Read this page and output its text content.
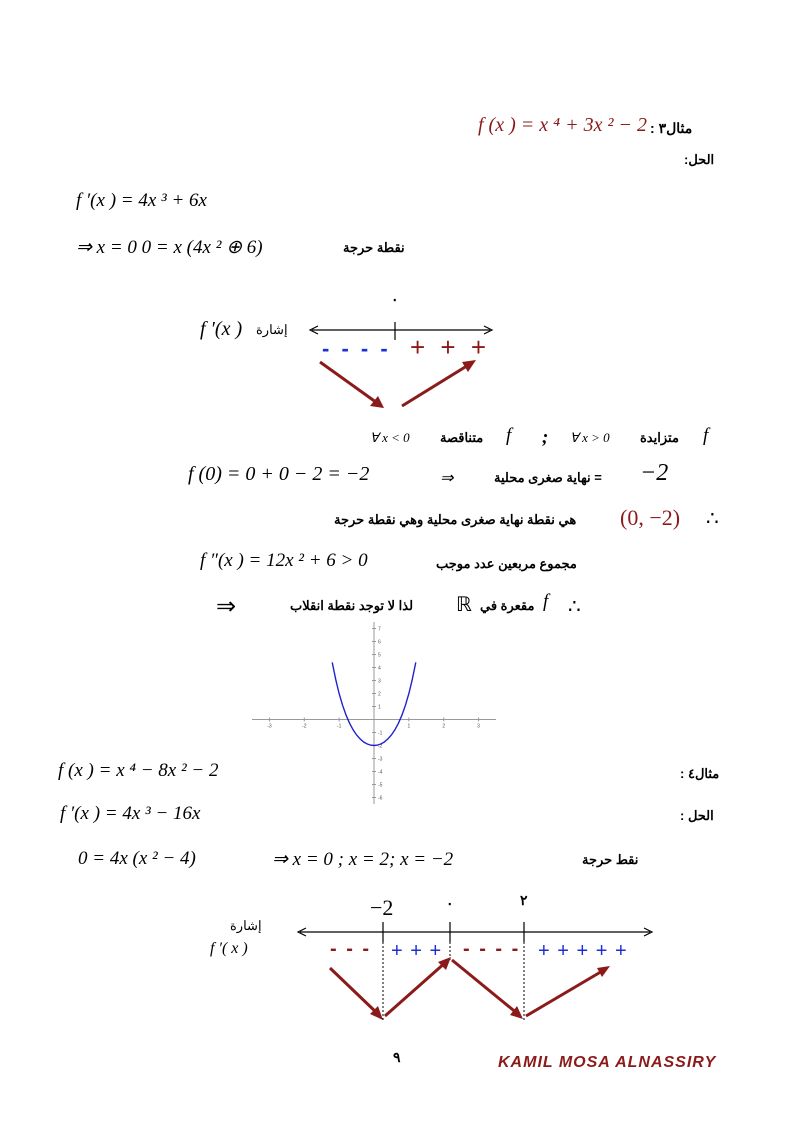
مثال٣ :
f (x ) = x ⁴ + 3x ² − 2
الحل:
f ′(x ) = 4x ³ + 6x
⇒ x = 0 0 = x (4x ² ⊕ 6)	نقطة حرجة
٠
إشارة
f ′(x )
- - - - + + +
∀ x < 0 متناقصة f ; ∀ x > 0 متزايدة f
f (0) = 0 + 0 − 2 = −2	⇒	= نهاية صغرى محلية −2
هي نقطة نهاية صغرى محلية وهي نقطة حرجة (0, −2) ∴
f ″(x ) = 12x ² + 6 > 0	مجموع مربعين عدد موجب
⇒	لذا لا توجد نقطة انقلاب ℝ مقعرة في f ∴
-3	-2	-1	1	2	3
7
6
5
4
3
2
1
-1
-2
-3
-4
-5
-6
f (x ) = x ⁴ − 8x ² − 2	مثال٤ :
f ′(x ) = 4x ³ − 16x	الحل :
0 = 4x (x ² − 4)	⇒ x = 0 ; x = 2; x = −2	نقط حرجة
−2	٠	٢
إشارة
f ′( x )	- - - + + + - - - - + + + + +
٩	KAMIL MOSA ALNASSIRY
